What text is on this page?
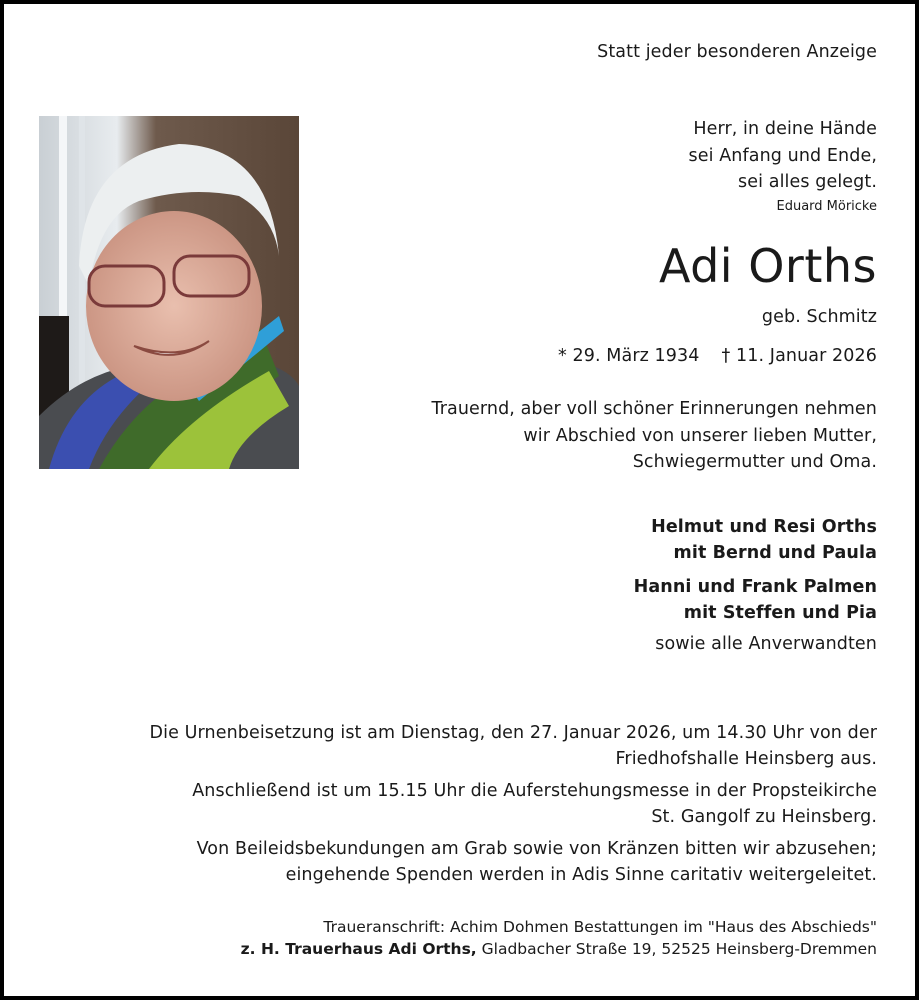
Statt jeder besonderen Anzeige
Herr, in deine Hände
sei Anfang und Ende,
sei alles gelegt.
Eduard Möricke
Adi Orths
geb. Schmitz
* 29. März 1934 † 11. Januar 2026
Trauernd, aber voll schöner Erinnerungen nehmen
wir Abschied von unserer lieben Mutter,
Schwiegermutter und Oma.
Helmut und Resi Orths
mit Bernd und Paula
Hanni und Frank Palmen
mit Steffen und Pia
sowie alle Anverwandten
Die Urnenbeisetzung ist am Dienstag, den 27. Januar 2026, um 14.30 Uhr von der
Friedhofshalle Heinsberg aus.
Anschließend ist um 15.15 Uhr die Auferstehungsmesse in der Propsteikirche
St. Gangolf zu Heinsberg.
Von Beileidsbekundungen am Grab sowie von Kränzen bitten wir abzusehen;
eingehende Spenden werden in Adis Sinne caritativ weitergeleitet.
Traueranschrift: Achim Dohmen Bestattungen im "Haus des Abschieds"
z. H. Trauerhaus Adi Orths, Gladbacher Straße 19, 52525 Heinsberg-Dremmen
